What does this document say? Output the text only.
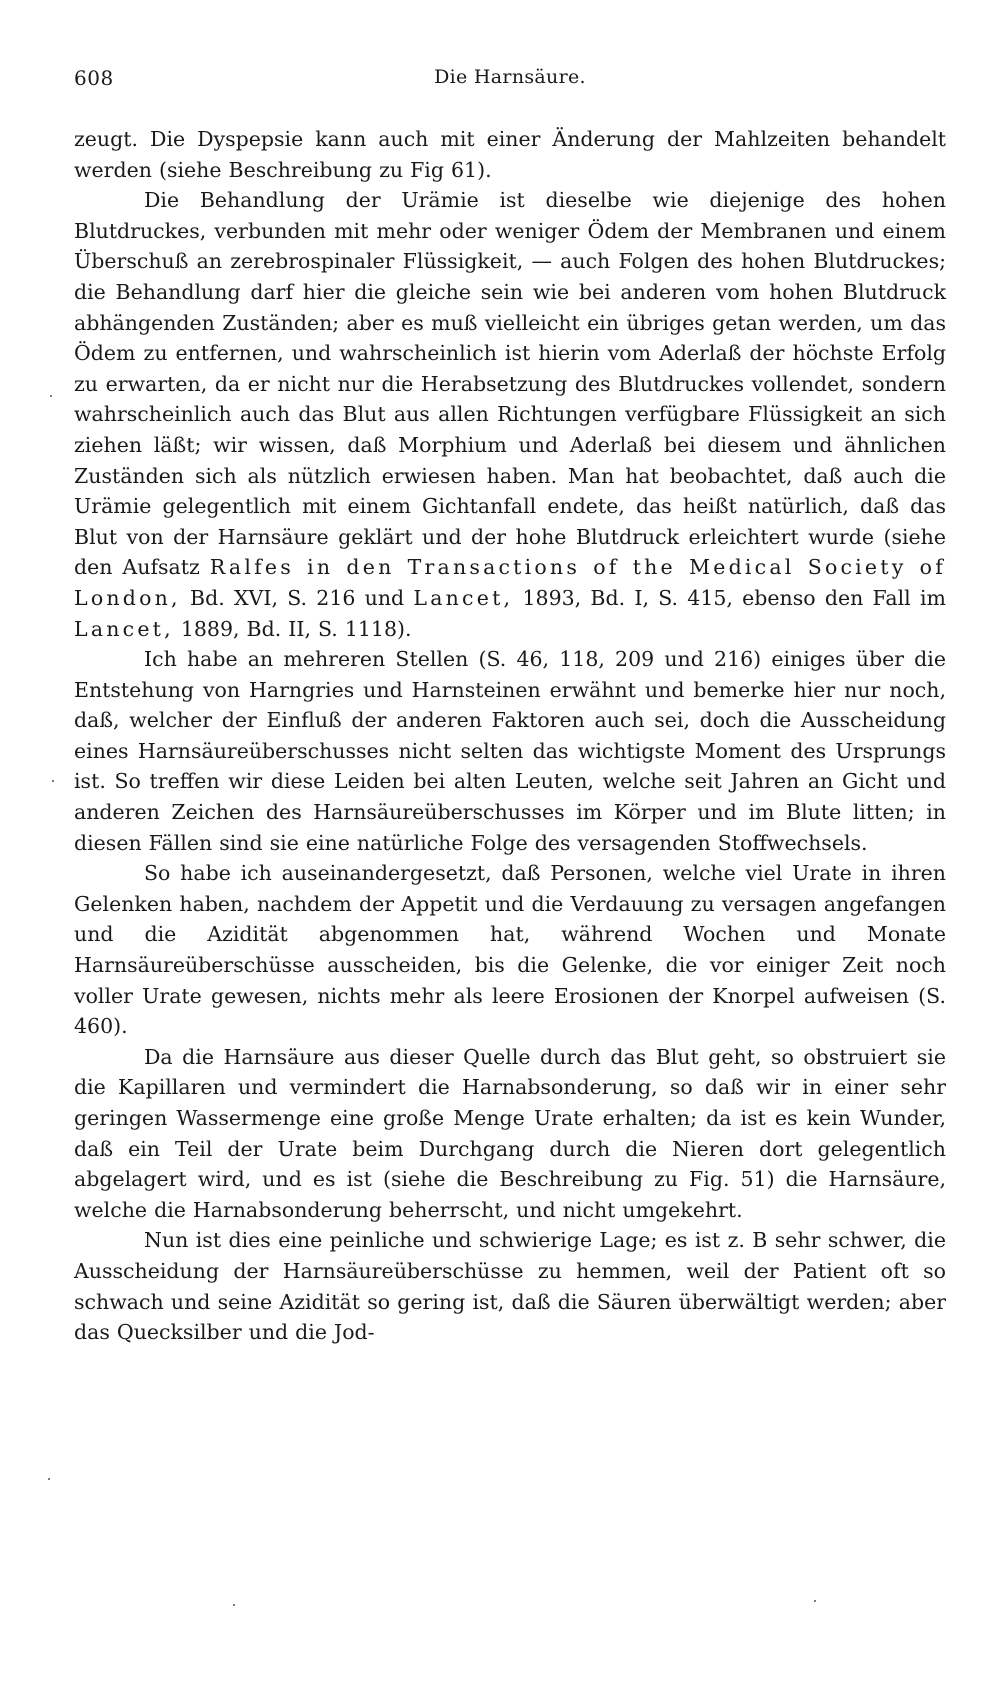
608	Die Harnsäure.

zeugt. Die Dyspepsie kann auch mit einer Änderung der Mahlzeiten behandelt werden (siehe Beschreibung zu Fig 61).

Die Behandlung der Urämie ist dieselbe wie diejenige des hohen Blutdruckes, verbunden mit mehr oder weniger Ödem der Membranen und einem Überschuß an zerebrospinaler Flüssigkeit, — auch Folgen des hohen Blutdruckes; die Behandlung darf hier die gleiche sein wie bei anderen vom hohen Blutdruck abhängenden Zuständen; aber es muß vielleicht ein übriges getan werden, um das Ödem zu entfernen, und wahrscheinlich ist hierin vom Aderlaß der höchste Erfolg zu erwarten, da er nicht nur die Herabsetzung des Blutdruckes vollendet, sondern wahrscheinlich auch das Blut aus allen Richtungen verfügbare Flüssigkeit an sich ziehen läßt; wir wissen, daß Morphium und Aderlaß bei diesem und ähnlichen Zuständen sich als nützlich erwiesen haben. Man hat beobachtet, daß auch die Urämie gelegentlich mit einem Gichtanfall endete, das heißt natürlich, daß das Blut von der Harnsäure geklärt und der hohe Blutdruck erleichtert wurde (siehe den Aufsatz Ralfes in den Transactions of the Medical Society of London, Bd. XVI, S. 216 und Lancet, 1893, Bd. I, S. 415, ebenso den Fall im Lancet, 1889, Bd. II, S. 1118).

Ich habe an mehreren Stellen (S. 46, 118, 209 und 216) einiges über die Entstehung von Harngries und Harnsteinen erwähnt und bemerke hier nur noch, daß, welcher der Einfluß der anderen Faktoren auch sei, doch die Ausscheidung eines Harnsäureüberschusses nicht selten das wichtigste Moment des Ursprungs ist. So treffen wir diese Leiden bei alten Leuten, welche seit Jahren an Gicht und anderen Zeichen des Harnsäureüberschusses im Körper und im Blute litten; in diesen Fällen sind sie eine natürliche Folge des versagenden Stoffwechsels.

So habe ich auseinandergesetzt, daß Personen, welche viel Urate in ihren Gelenken haben, nachdem der Appetit und die Verdauung zu versagen angefangen und die Azidität abgenommen hat, während Wochen und Monate Harnsäureüberschüsse ausscheiden, bis die Gelenke, die vor einiger Zeit noch voller Urate gewesen, nichts mehr als leere Erosionen der Knorpel aufweisen (S. 460).

Da die Harnsäure aus dieser Quelle durch das Blut geht, so obstruiert sie die Kapillaren und vermindert die Harnabsonderung, so daß wir in einer sehr geringen Wassermenge eine große Menge Urate erhalten; da ist es kein Wunder, daß ein Teil der Urate beim Durchgang durch die Nieren dort gelegentlich abgelagert wird, und es ist (siehe die Beschreibung zu Fig. 51) die Harnsäure, welche die Harnabsonderung beherrscht, und nicht umgekehrt.

Nun ist dies eine peinliche und schwierige Lage; es ist z. B sehr schwer, die Ausscheidung der Harnsäureüberschüsse zu hemmen, weil der Patient oft so schwach und seine Azidität so gering ist, daß die Säuren überwältigt werden; aber das Quecksilber und die Jod-
